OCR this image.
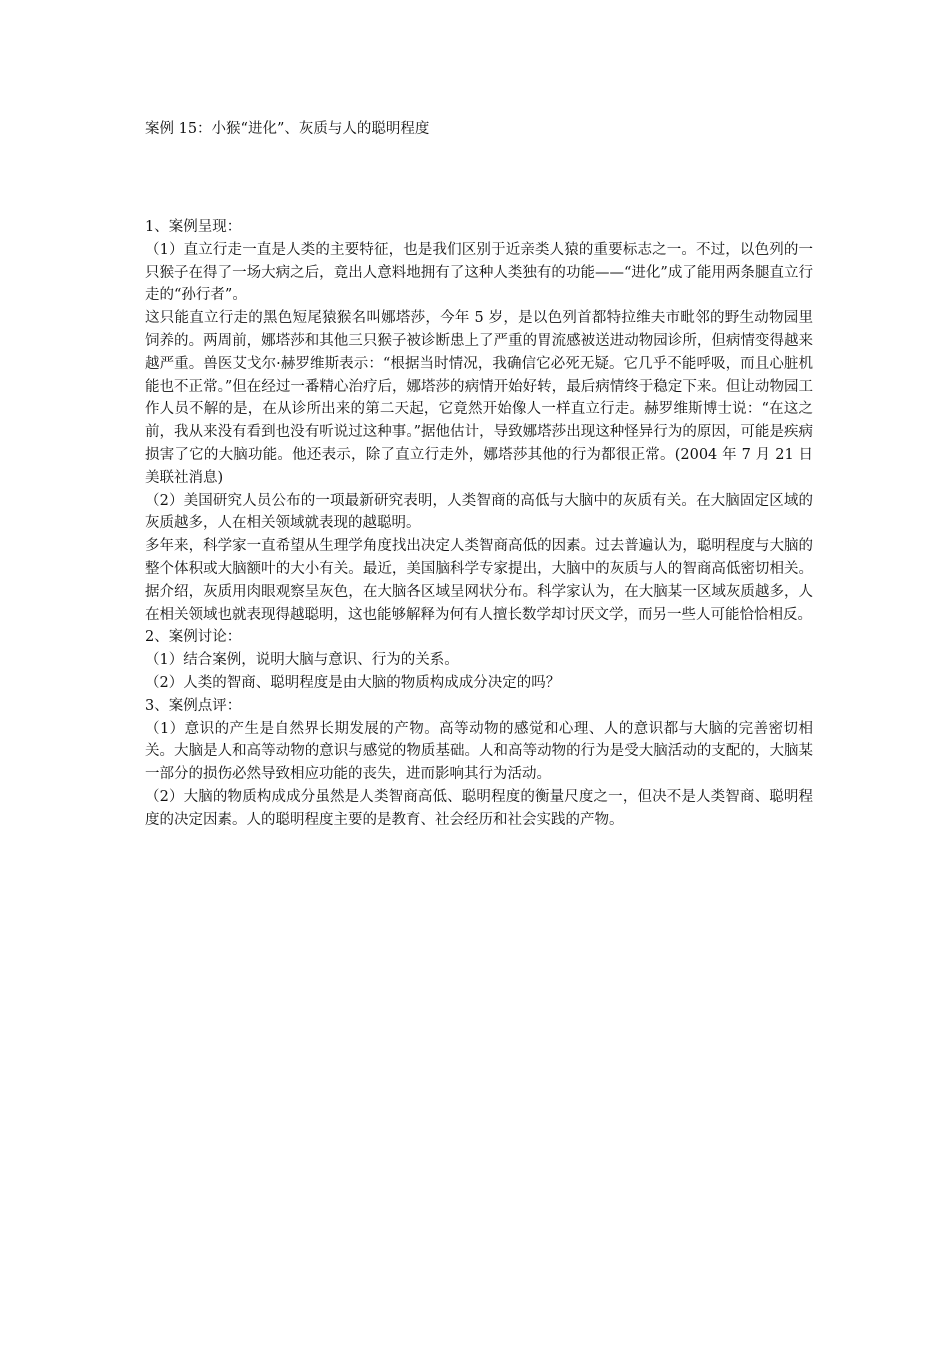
案例 15：小猴“进化”、灰质与人的聪明程度

1、案例呈现：

（1）直立行走一直是人类的主要特征，也是我们区别于近亲类人猿的重要标志之一。不过，以色列的一只猴子在得了一场大病之后，竟出人意料地拥有了这种人类独有的功能——“进化”成了能用两条腿直立行走的“孙行者”。

这只能直立行走的黑色短尾猿猴名叫娜塔莎，今年 5 岁，是以色列首都特拉维夫市毗邻的野生动物园里饲养的。两周前，娜塔莎和其他三只猴子被诊断患上了严重的胃流感被送进动物园诊所，但病情变得越来越严重。兽医艾戈尔·赫罗维斯表示：“根据当时情况，我确信它必死无疑。它几乎不能呼吸，而且心脏机能也不正常。”但在经过一番精心治疗后，娜塔莎的病情开始好转，最后病情终于稳定下来。但让动物园工作人员不解的是，在从诊所出来的第二天起，它竟然开始像人一样直立行走。赫罗维斯博士说：“在这之前，我从来没有看到也没有听说过这种事。”据他估计，导致娜塔莎出现这种怪异行为的原因，可能是疾病损害了它的大脑功能。他还表示，除了直立行走外，娜塔莎其他的行为都很正常。(2004 年 7 月 21 日美联社消息)

（2）美国研究人员公布的一项最新研究表明，人类智商的高低与大脑中的灰质有关。在大脑固定区域的灰质越多，人在相关领域就表现的越聪明。

多年来，科学家一直希望从生理学角度找出决定人类智商高低的因素。过去普遍认为，聪明程度与大脑的整个体积或大脑额叶的大小有关。最近，美国脑科学专家提出，大脑中的灰质与人的智商高低密切相关。据介绍，灰质用肉眼观察呈灰色，在大脑各区域呈网状分布。科学家认为，在大脑某一区域灰质越多，人在相关领域也就表现得越聪明，这也能够解释为何有人擅长数学却讨厌文学，而另一些人可能恰恰相反。

2、案例讨论：

（1）结合案例，说明大脑与意识、行为的关系。

（2）人类的智商、聪明程度是由大脑的物质构成成分决定的吗？

3、案例点评：

（1）意识的产生是自然界长期发展的产物。高等动物的感觉和心理、人的意识都与大脑的完善密切相关。大脑是人和高等动物的意识与感觉的物质基础。人和高等动物的行为是受大脑活动的支配的，大脑某一部分的损伤必然导致相应功能的丧失，进而影响其行为活动。

（2）大脑的物质构成成分虽然是人类智商高低、聪明程度的衡量尺度之一，但决不是人类智商、聪明程度的决定因素。人的聪明程度主要的是教育、社会经历和社会实践的产物。
